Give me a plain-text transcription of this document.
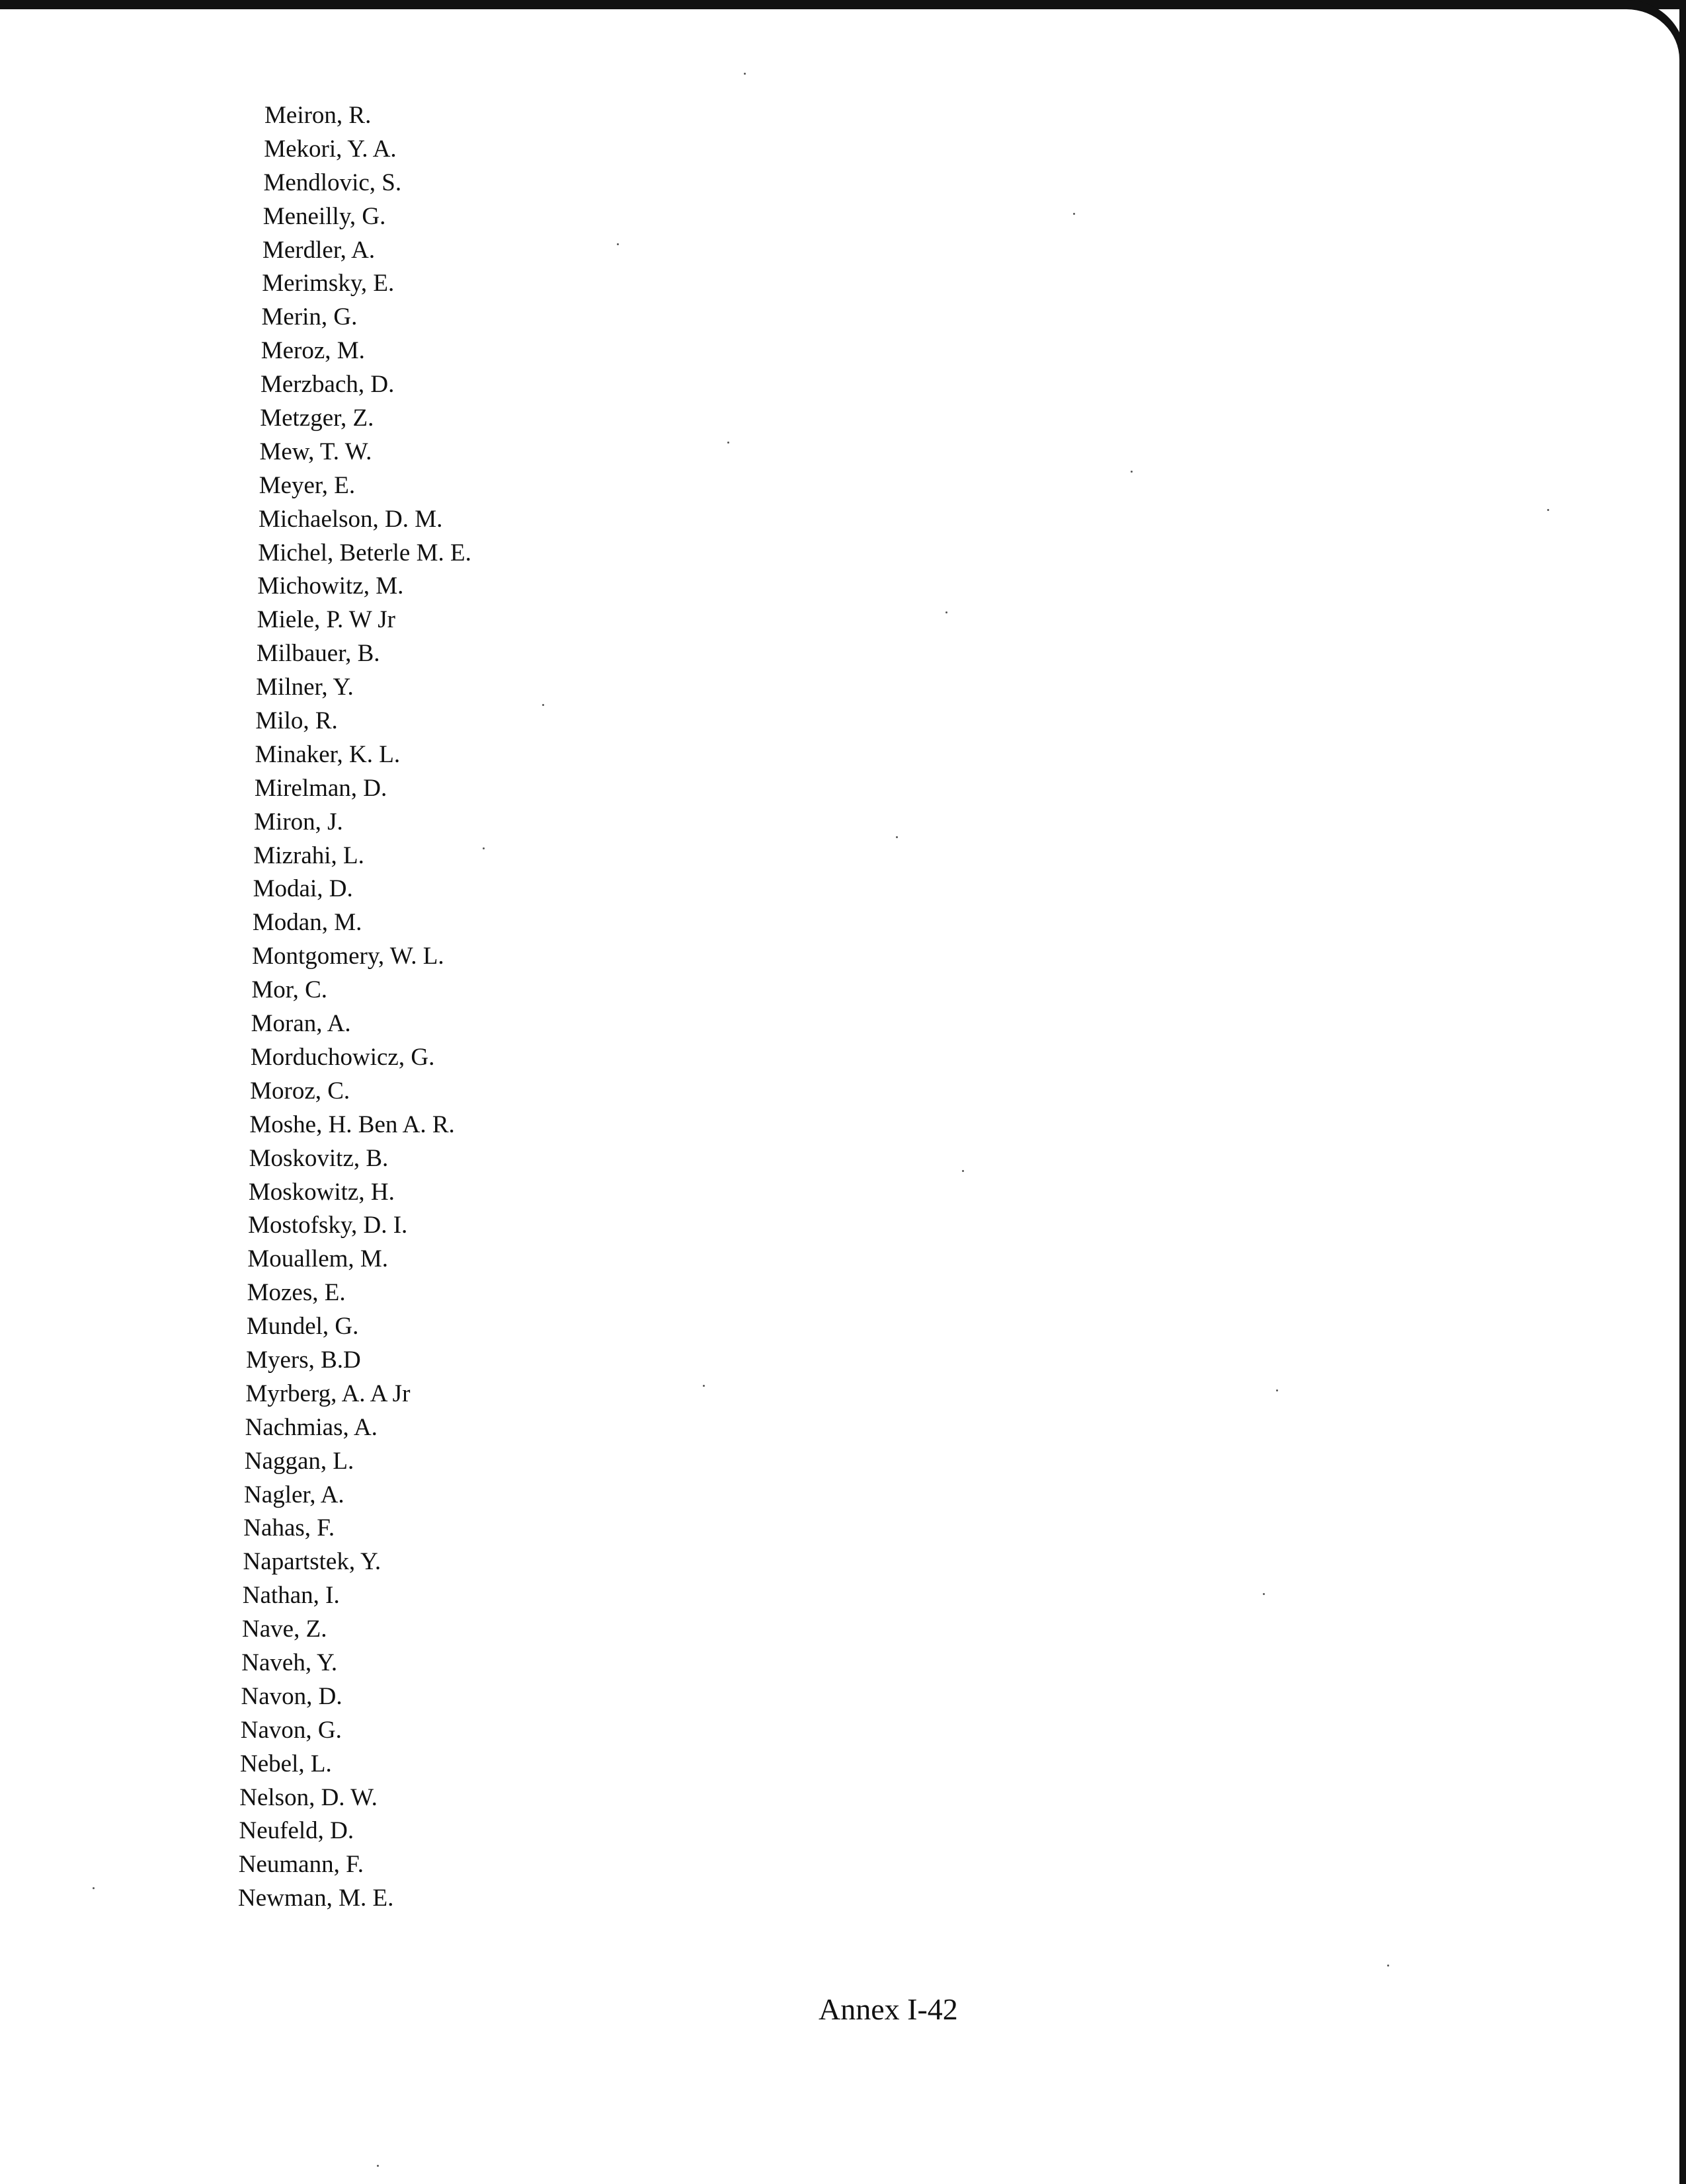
Meiron, R.
Mekori, Y. A.
Mendlovic, S.
Meneilly, G.
Merdler, A.
Merimsky, E.
Merin, G.
Meroz, M.
Merzbach, D.
Metzger, Z.
Mew, T. W.
Meyer, E.
Michaelson, D. M.
Michel, Beterle M. E.
Michowitz, M.
Miele, P. W Jr
Milbauer, B.
Milner, Y.
Milo, R.
Minaker, K. L.
Mirelman, D.
Miron, J.
Mizrahi, L.
Modai, D.
Modan, M.
Montgomery, W. L.
Mor, C.
Moran, A.
Morduchowicz, G.
Moroz, C.
Moshe, H. Ben A. R.
Moskovitz, B.
Moskowitz, H.
Mostofsky, D. I.
Mouallem, M.
Mozes, E.
Mundel, G.
Myers, B.D
Myrberg, A. A Jr
Nachmias, A.
Naggan, L.
Nagler, A.
Nahas, F.
Napartstek, Y.
Nathan, I.
Nave, Z.
Naveh, Y.
Navon, D.
Navon, G.
Nebel, L.
Nelson, D. W.
Neufeld, D.
Neumann, F.
Newman, M. E.
Annex I-42
